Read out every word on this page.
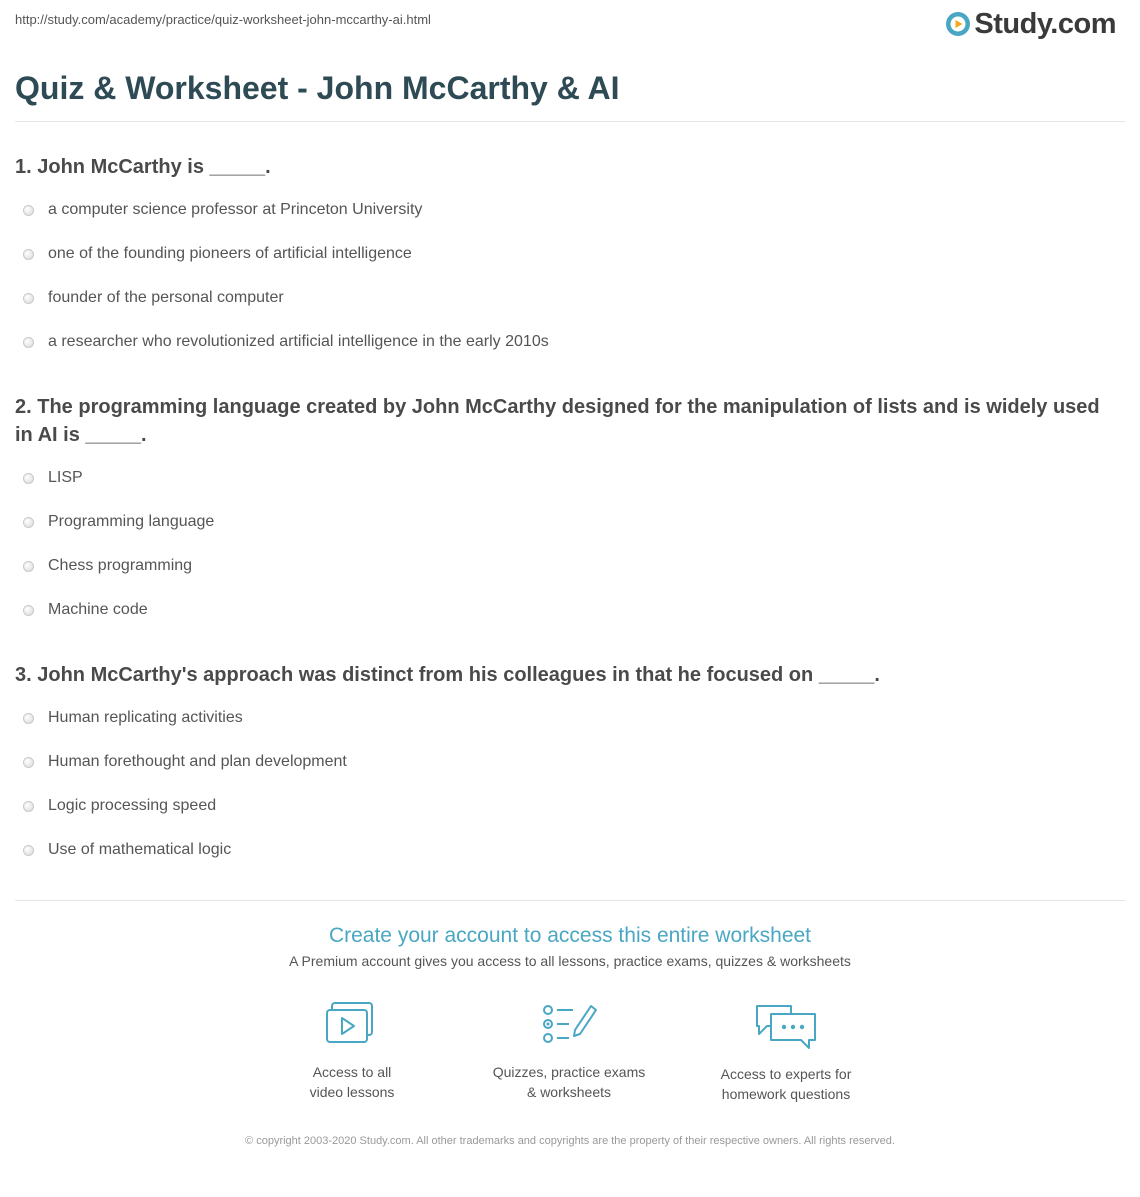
http://study.com/academy/practice/quiz-worksheet-john-mccarthy-ai.html	Study.com
Quiz & Worksheet - John McCarthy & AI

1. John McCarthy is _____.

a computer science professor at Princeton University
one of the founding pioneers of artificial intelligence
founder of the personal computer
a researcher who revolutionized artificial intelligence in the early 2010s

2. The programming language created by John McCarthy designed for the manipulation of lists and is widely used in AI is _____.

LISP
Programming language
Chess programming
Machine code

3. John McCarthy's approach was distinct from his colleagues in that he focused on _____.

Human replicating activities
Human forethought and plan development
Logic processing speed
Use of mathematical logic
Create your account to access this entire worksheet
A Premium account gives you access to all lessons, practice exams, quizzes & worksheets
Access to all
video lessons
Quizzes, practice exams
& worksheets
Access to experts for
homework questions
© copyright 2003-2020 Study.com. All other trademarks and copyrights are the property of their respective owners. All rights reserved.
